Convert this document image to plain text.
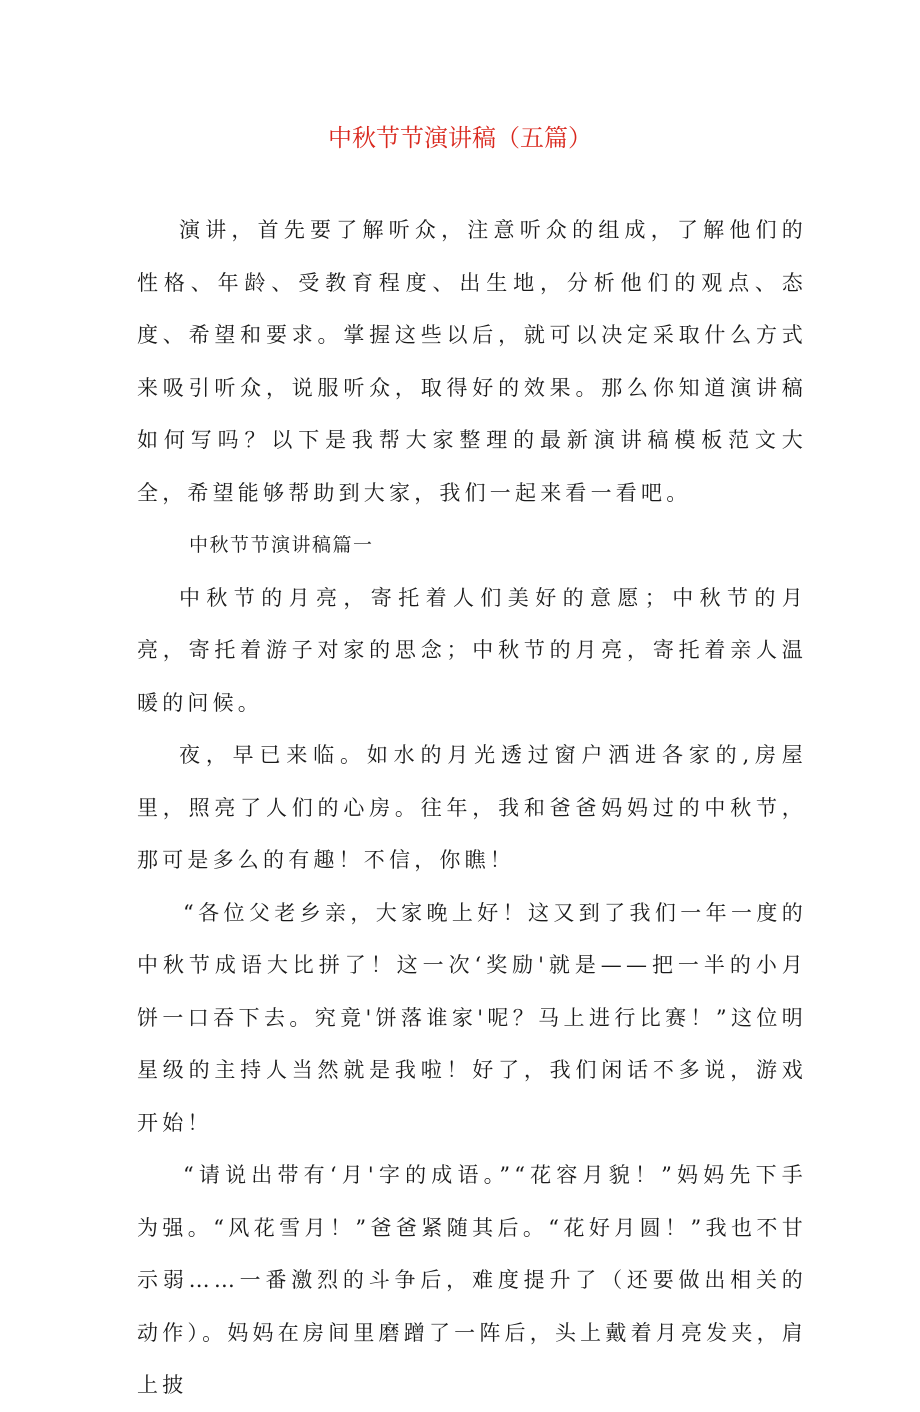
中秋节节演讲稿（五篇）

演讲，首先要了解听众，注意听众的组成，了解他们的性格、年龄、受教育程度、出生地，分析他们的观点、态度、希望和要求。掌握这些以后，就可以决定采取什么方式来吸引听众，说服听众，取得好的效果。那么你知道演讲稿如何写吗？以下是我帮大家整理的最新演讲稿模板范文大全，希望能够帮助到大家，我们一起来看一看吧。

中秋节节演讲稿篇一

中秋节的月亮，寄托着人们美好的意愿；中秋节的月亮，寄托着游子对家的思念；中秋节的月亮，寄托着亲人温暖的问候。

夜，早已来临。如水的月光透过窗户洒进各家的,房屋里，照亮了人们的心房。往年，我和爸爸妈妈过的中秋节，那可是多么的有趣！不信，你瞧！

“各位父老乡亲，大家晚上好！这又到了我们一年一度的中秋节成语大比拼了！这一次‘奖励'就是——把一半的小月饼一口吞下去。究竟'饼落谁家'呢？马上进行比赛！”这位明星级的主持人当然就是我啦！好了，我们闲话不多说，游戏开始！

“请说出带有‘月'字的成语。”“花容月貌！”妈妈先下手为强。“风花雪月！”爸爸紧随其后。“花好月圆！”我也不甘示弱……一番激烈的斗争后，难度提升了（还要做出相关的动作）。妈妈在房间里磨蹭了一阵后，头上戴着月亮发夹，肩上披
